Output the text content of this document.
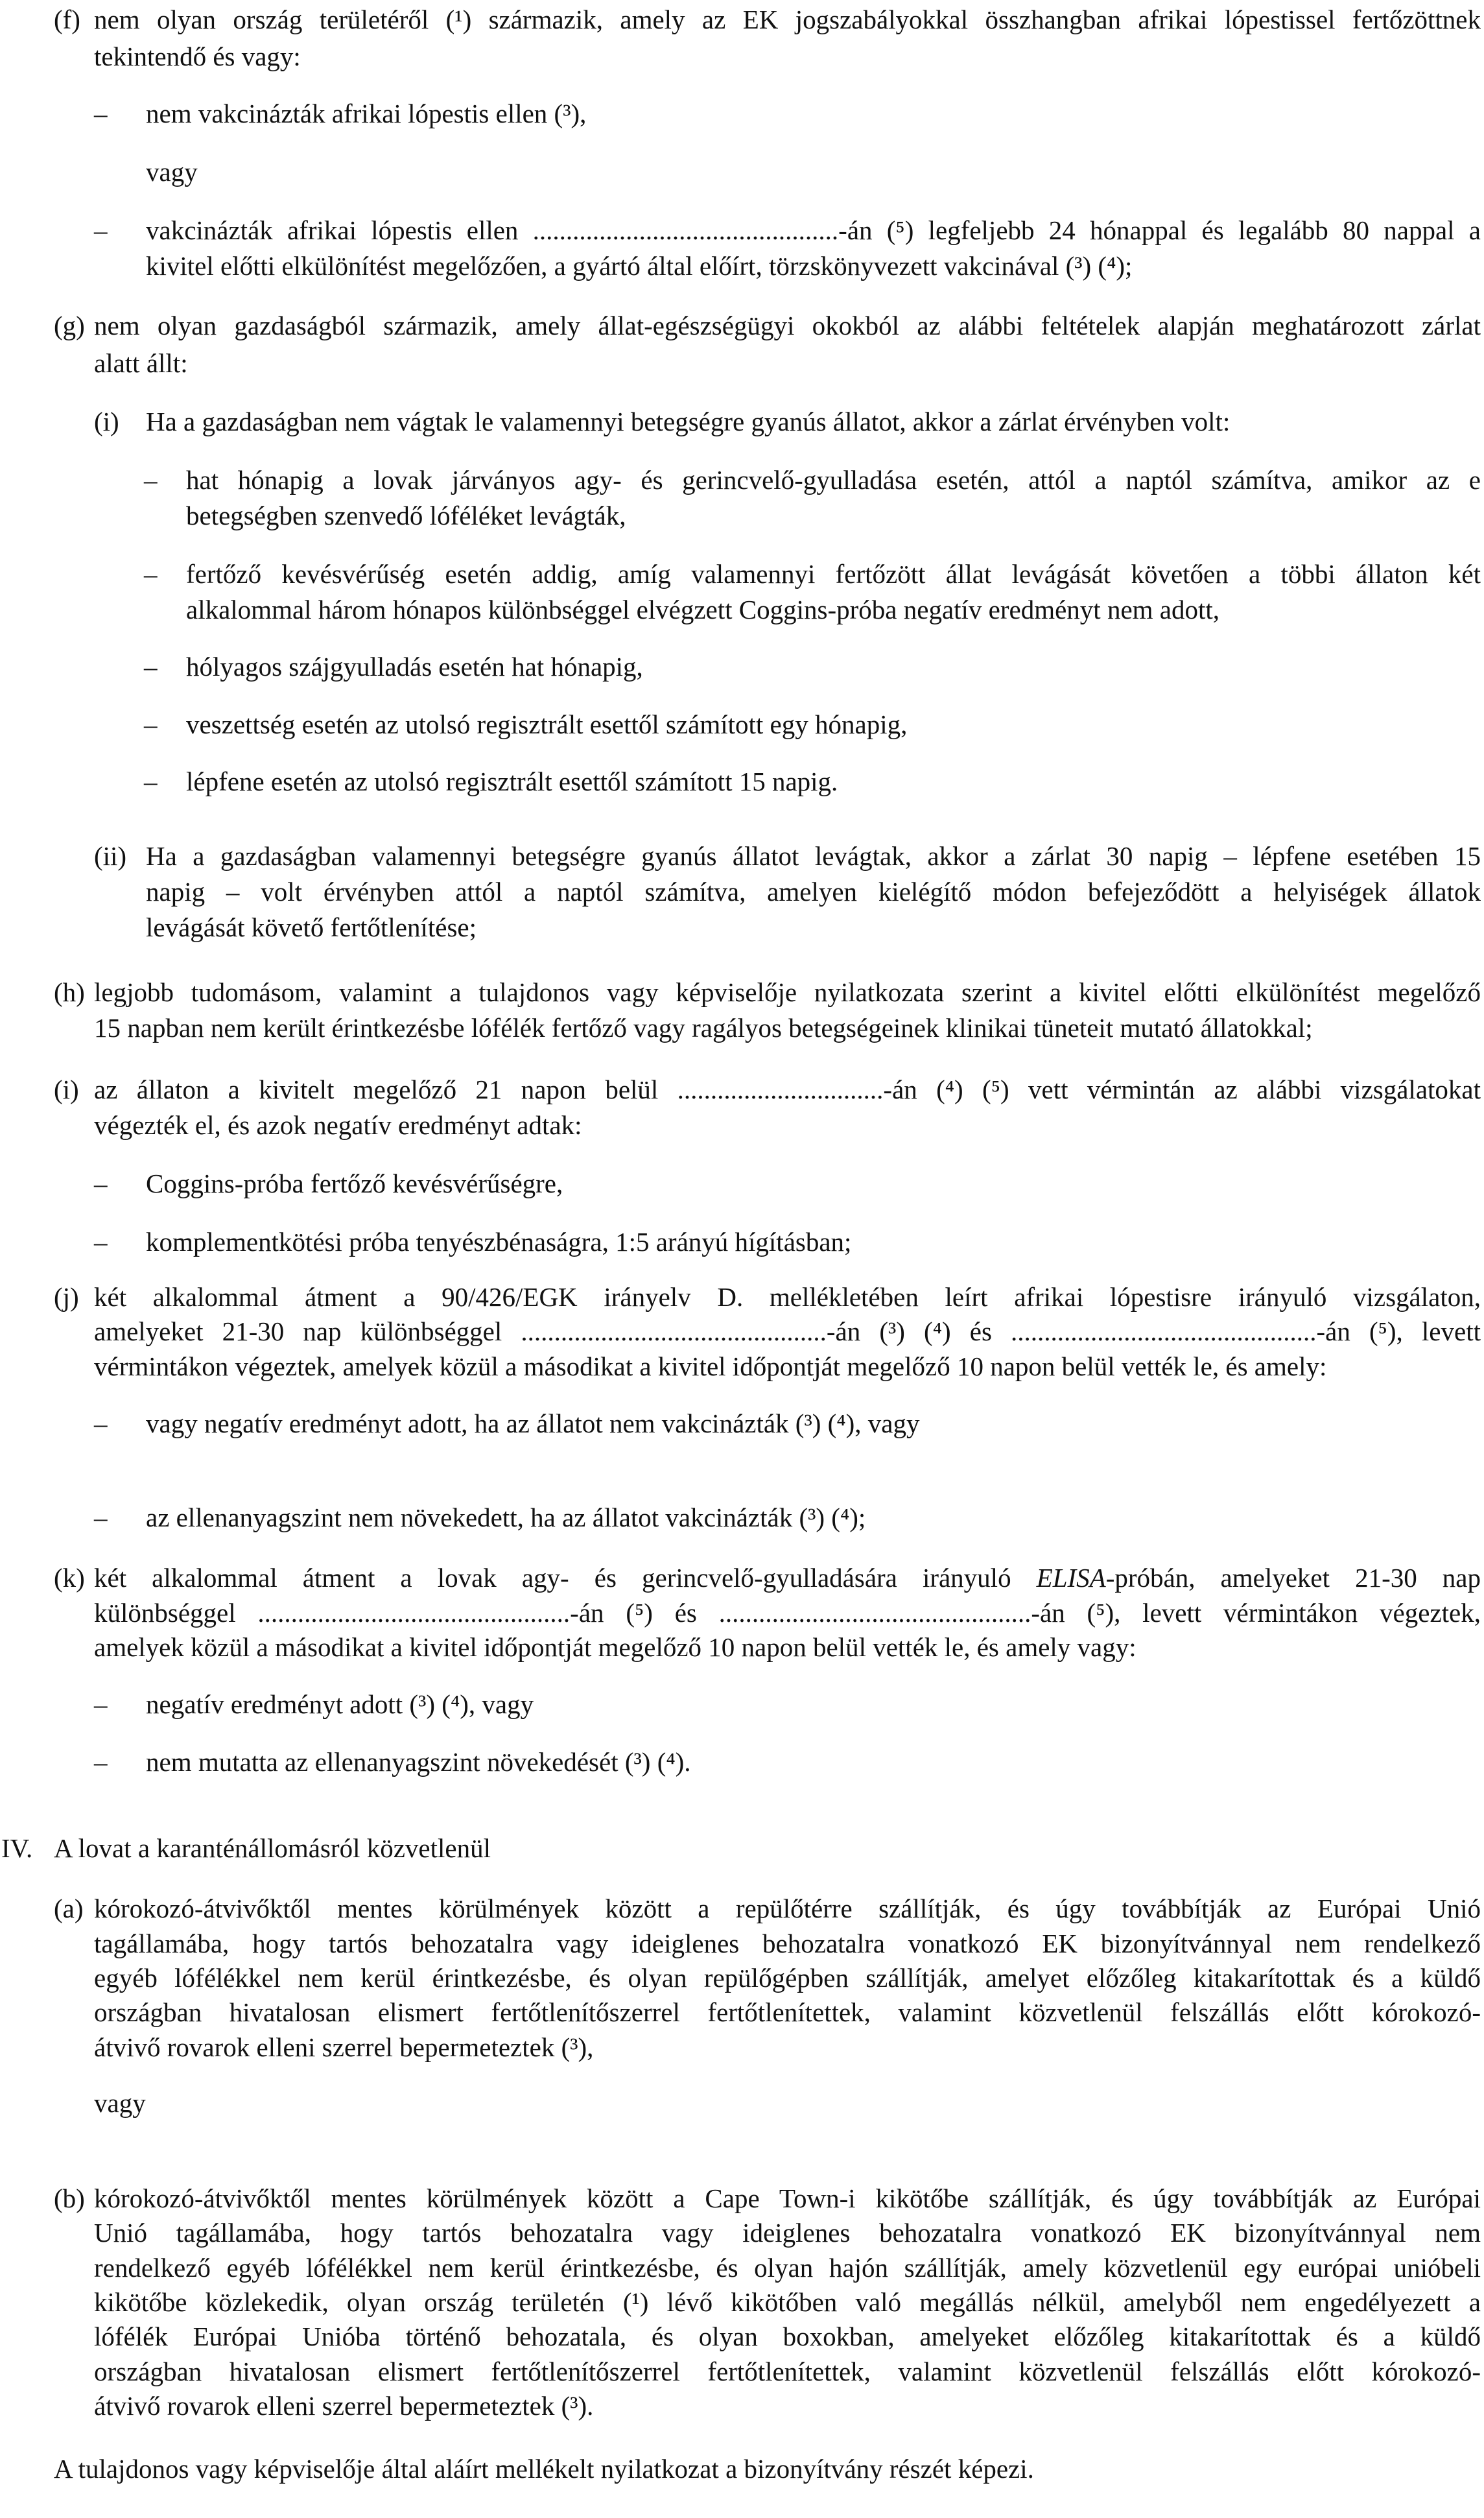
(f) nem olyan ország területéről (¹) származik, amely az EK jogszabályokkal összhangban afrikai lópestissel fertőzöttnek
tekintendő és vagy:
– nem vakcinázták afrikai lópestis ellen (³),
vagy
– vakcinázták afrikai lópestis ellen ..............................................-án (⁵) legfeljebb 24 hónappal és legalább 80 nappal a
kivitel előtti elkülönítést megelőzően, a gyártó által előírt, törzskönyvezett vakcinával (³) (⁴);
(g) nem olyan gazdaságból származik, amely állat-egészségügyi okokból az alábbi feltételek alapján meghatározott zárlat
alatt állt:
(i) Ha a gazdaságban nem vágtak le valamennyi betegségre gyanús állatot, akkor a zárlat érvényben volt:
– hat hónapig a lovak járványos agy- és gerincvelő-gyulladása esetén, attól a naptól számítva, amikor az e
betegségben szenvedő lóféléket levágták,
– fertőző kevésvérűség esetén addig, amíg valamennyi fertőzött állat levágását követően a többi állaton két
alkalommal három hónapos különbséggel elvégzett Coggins-próba negatív eredményt nem adott,
– hólyagos szájgyulladás esetén hat hónapig,
– veszettség esetén az utolsó regisztrált esettől számított egy hónapig,
– lépfene esetén az utolsó regisztrált esettől számított 15 napig.
(ii) Ha a gazdaságban valamennyi betegségre gyanús állatot levágtak, akkor a zárlat 30 napig – lépfene esetében 15
napig – volt érvényben attól a naptól számítva, amelyen kielégítő módon befejeződött a helyiségek állatok
levágását követő fertőtlenítése;
(h) legjobb tudomásom, valamint a tulajdonos vagy képviselője nyilatkozata szerint a kivitel előtti elkülönítést megelőző
15 napban nem került érintkezésbe lófélék fertőző vagy ragályos betegségeinek klinikai tüneteit mutató állatokkal;
(i) az állaton a kivitelt megelőző 21 napon belül ...............................-án (⁴) (⁵) vett vérmintán az alábbi vizsgálatokat
végezték el, és azok negatív eredményt adtak:
– Coggins-próba fertőző kevésvérűségre,
– komplementkötési próba tenyészbénaságra, 1:5 arányú hígításban;
(j) két alkalommal átment a 90/426/EGK irányelv D. mellékletében leírt afrikai lópestisre irányuló vizsgálaton,
amelyeket 21-30 nap különbséggel ..............................................-án (³) (⁴) és ..............................................-án (⁵), levett
vérmintákon végeztek, amelyek közül a másodikat a kivitel időpontját megelőző 10 napon belül vették le, és amely:
– vagy negatív eredményt adott, ha az állatot nem vakcinázták (³) (⁴), vagy
– az ellenanyagszint nem növekedett, ha az állatot vakcinázták (³) (⁴);
(k) két alkalommal átment a lovak agy- és gerincvelő-gyulladására irányuló ELISA-próbán, amelyeket 21-30 nap
különbséggel ...............................................-án (⁵) és ...............................................-án (⁵), levett vérmintákon végeztek,
amelyek közül a másodikat a kivitel időpontját megelőző 10 napon belül vették le, és amely vagy:
– negatív eredményt adott (³) (⁴), vagy
– nem mutatta az ellenanyagszint növekedését (³) (⁴).
IV. A lovat a karanténállomásról közvetlenül
(a) kórokozó-átvivőktől mentes körülmények között a repülőtérre szállítják, és úgy továbbítják az Európai Unió
tagállamába, hogy tartós behozatalra vagy ideiglenes behozatalra vonatkozó EK bizonyítvánnyal nem rendelkező
egyéb lófélékkel nem kerül érintkezésbe, és olyan repülőgépben szállítják, amelyet előzőleg kitakarítottak és a küldő
országban hivatalosan elismert fertőtlenítőszerrel fertőtlenítettek, valamint közvetlenül felszállás előtt kórokozó-
átvivő rovarok elleni szerrel bepermeteztek (³),
vagy
(b) kórokozó-átvivőktől mentes körülmények között a Cape Town-i kikötőbe szállítják, és úgy továbbítják az Európai
Unió tagállamába, hogy tartós behozatalra vagy ideiglenes behozatalra vonatkozó EK bizonyítvánnyal nem
rendelkező egyéb lófélékkel nem kerül érintkezésbe, és olyan hajón szállítják, amely közvetlenül egy európai unióbeli
kikötőbe közlekedik, olyan ország területén (¹) lévő kikötőben való megállás nélkül, amelyből nem engedélyezett a
lófélék Európai Unióba történő behozatala, és olyan boxokban, amelyeket előzőleg kitakarítottak és a küldő
országban hivatalosan elismert fertőtlenítőszerrel fertőtlenítettek, valamint közvetlenül felszállás előtt kórokozó-
átvivő rovarok elleni szerrel bepermeteztek (³).
A tulajdonos vagy képviselője által aláírt mellékelt nyilatkozat a bizonyítvány részét képezi.
